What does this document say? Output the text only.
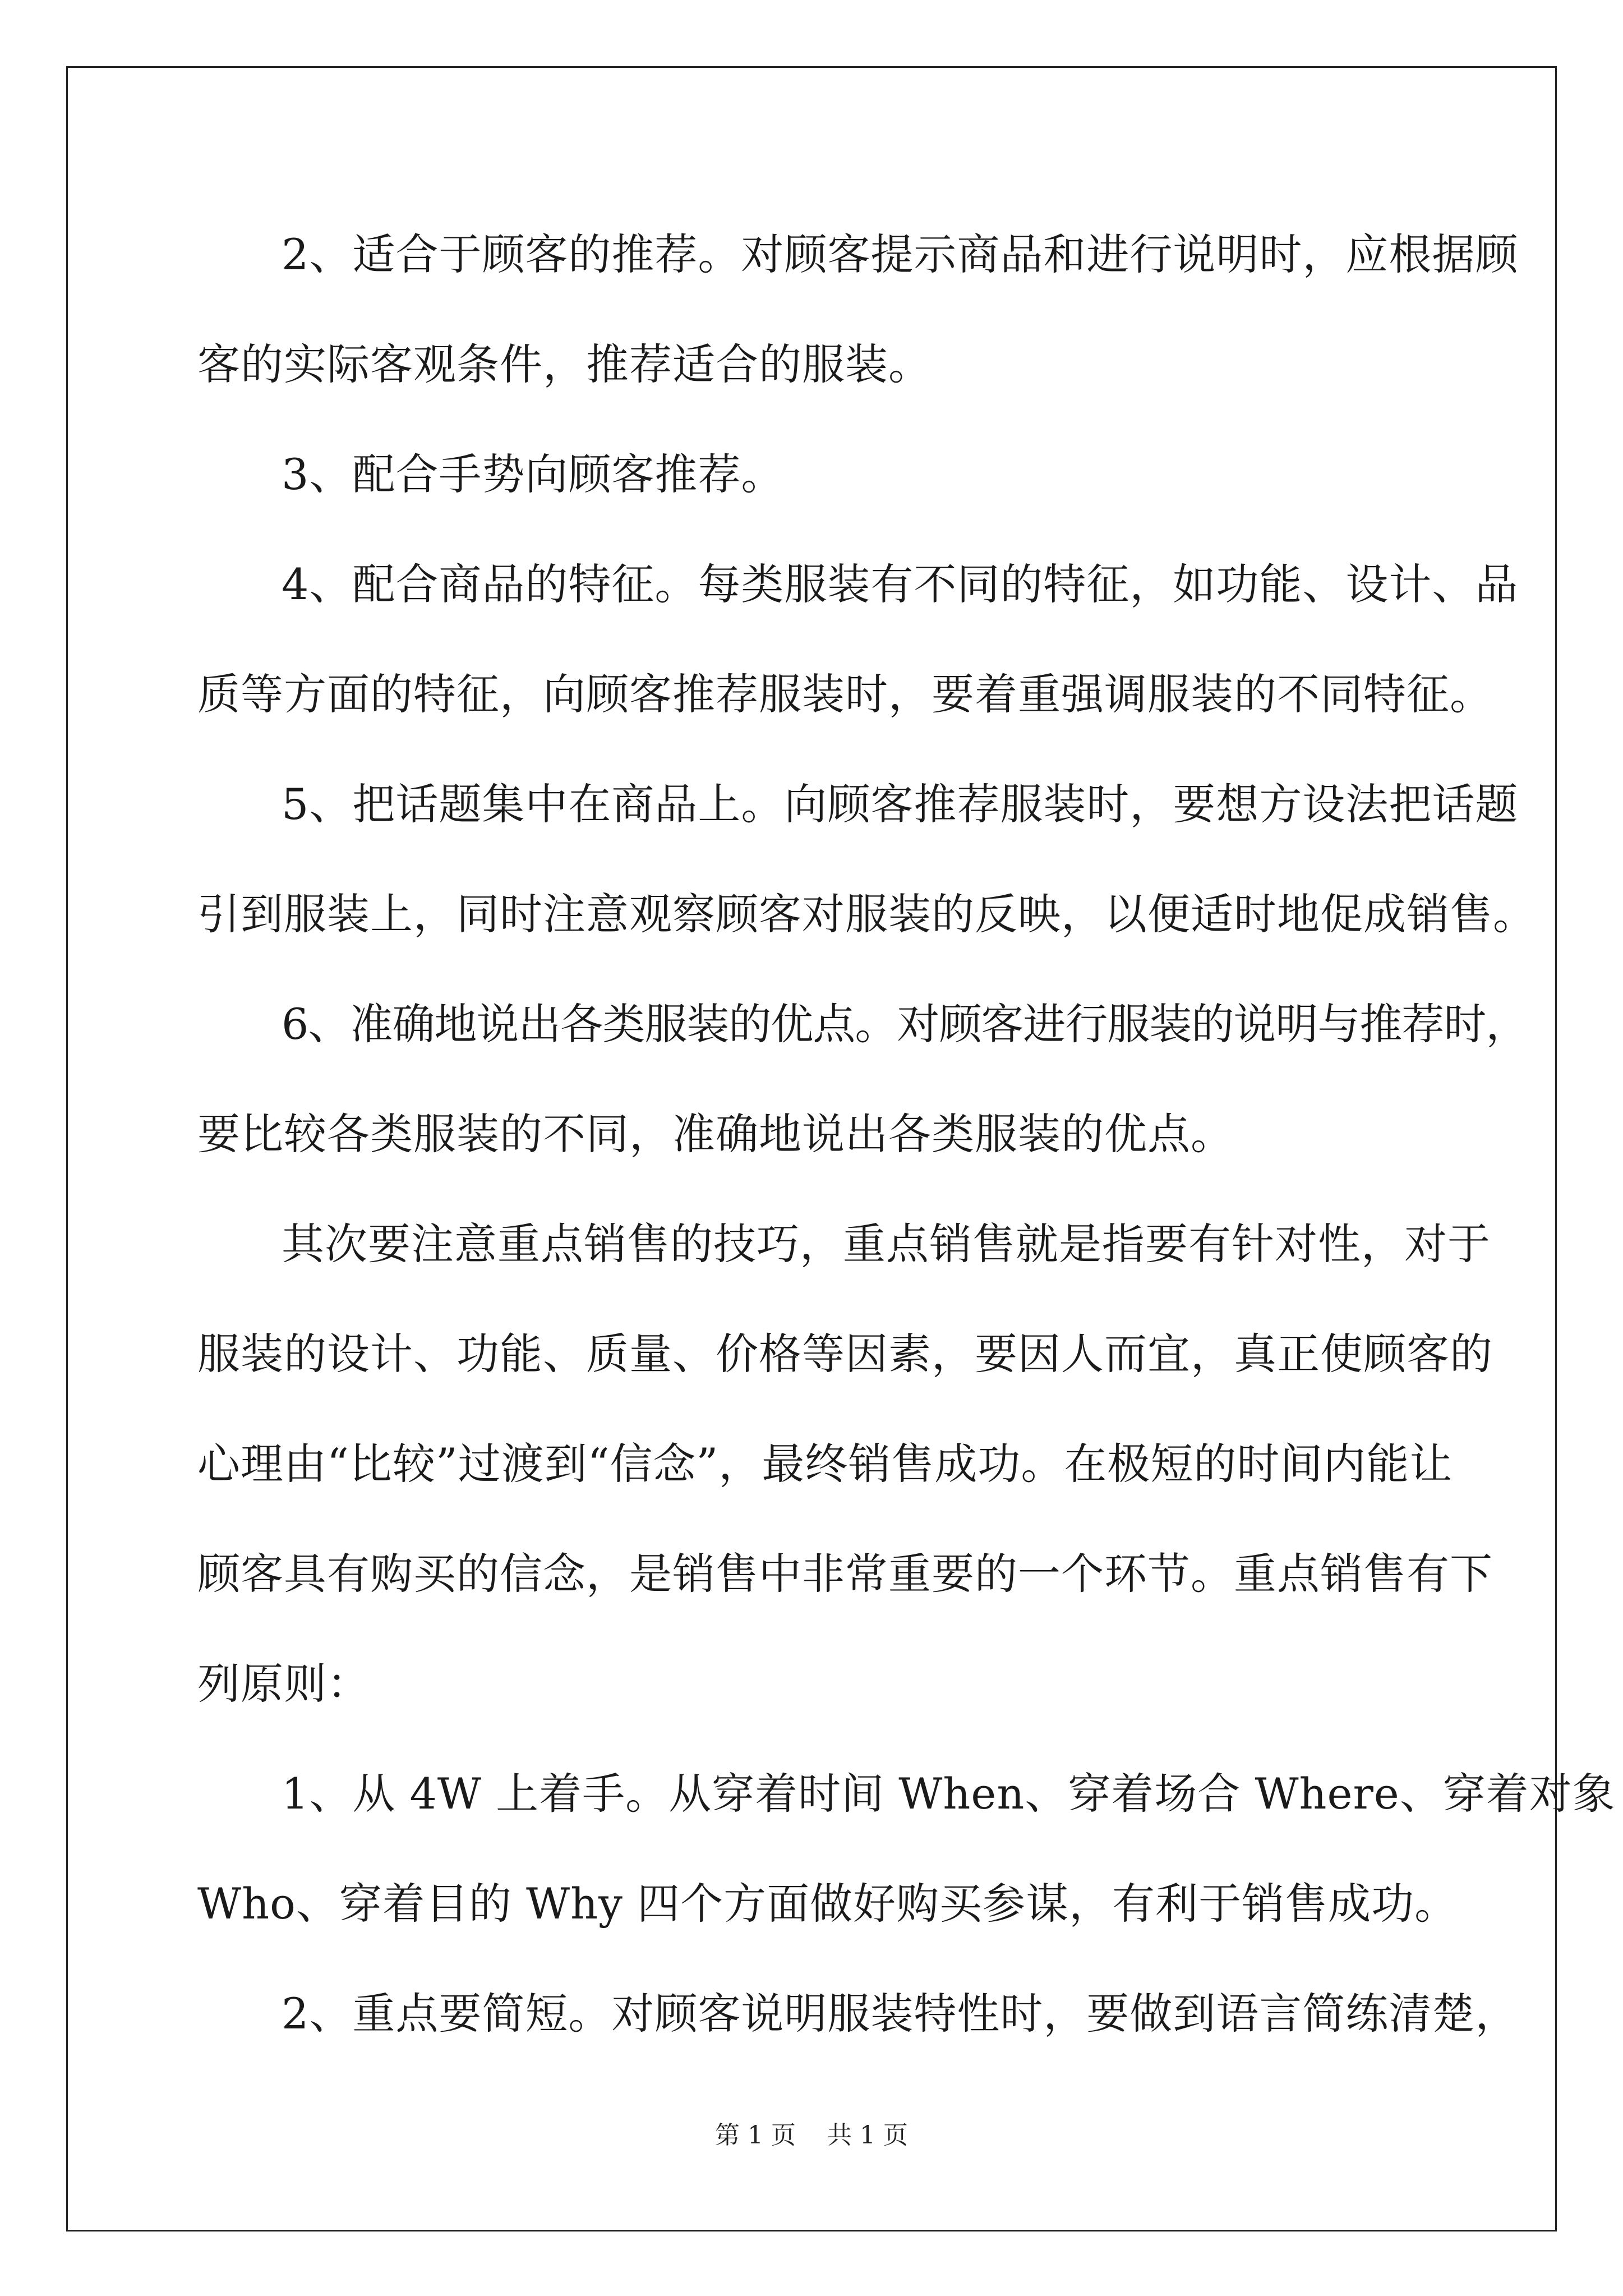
2、适合于顾客的推荐。对顾客提示商品和进行说明时，应根据顾
客的实际客观条件，推荐适合的服装。
3、配合手势向顾客推荐。
4、配合商品的特征。每类服装有不同的特征，如功能、设计、品
质等方面的特征，向顾客推荐服装时，要着重强调服装的不同特征。
5、把话题集中在商品上。向顾客推荐服装时，要想方设法把话题
引到服装上，同时注意观察顾客对服装的反映，以便适时地促成销售。
6、准确地说出各类服装的优点。对顾客进行服装的说明与推荐时，
要比较各类服装的不同，准确地说出各类服装的优点。
其次要注意重点销售的技巧，重点销售就是指要有针对性，对于
服装的设计、功能、质量、价格等因素，要因人而宜，真正使顾客的
心理由“比较”过渡到“信念”，最终销售成功。在极短的时间内能让
顾客具有购买的信念，是销售中非常重要的一个环节。重点销售有下
列原则：
1、从 4W 上着手。从穿着时间 When、穿着场合 Where、穿着对象
Who、穿着目的 Why 四个方面做好购买参谋，有利于销售成功。
2、重点要简短。对顾客说明服装特性时，要做到语言简练清楚，
第 1 页 共 1 页
